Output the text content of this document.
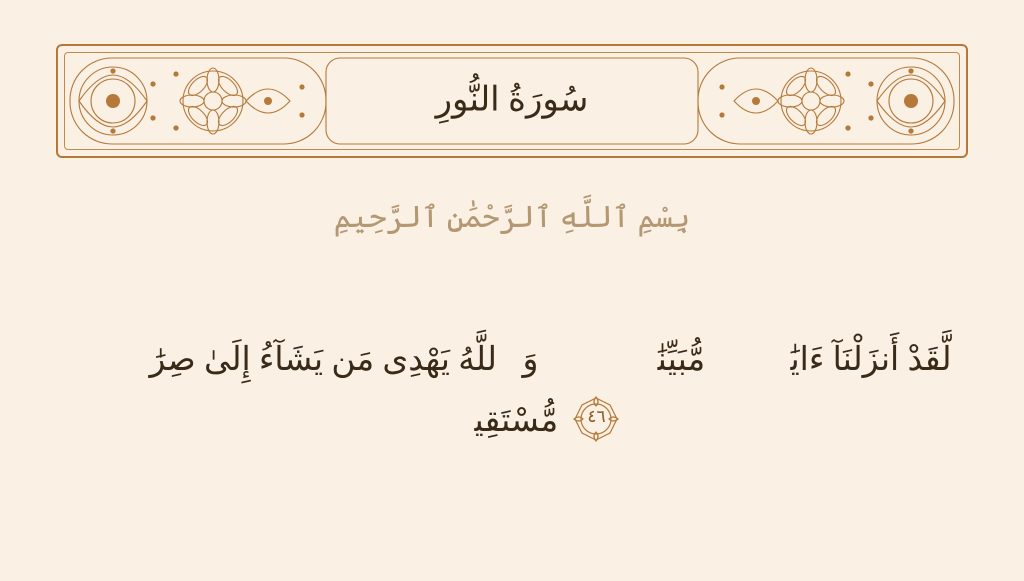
سُورَةُ النُّورِ
بِسْمِ ٱللَّهِ ٱلرَّحْمَٰنِ ٱلرَّحِيمِ
لَّقَدْ أَنزَلْنَآ ءَايَٰتٍۢ مُّبَيِّنَٰتٍۢ ۚ وَٱللَّهُ يَهْدِى مَن يَشَآءُ إِلَىٰ صِرَٰطٍۢ
٤٦
مُّسْتَقِيمٍۢ
